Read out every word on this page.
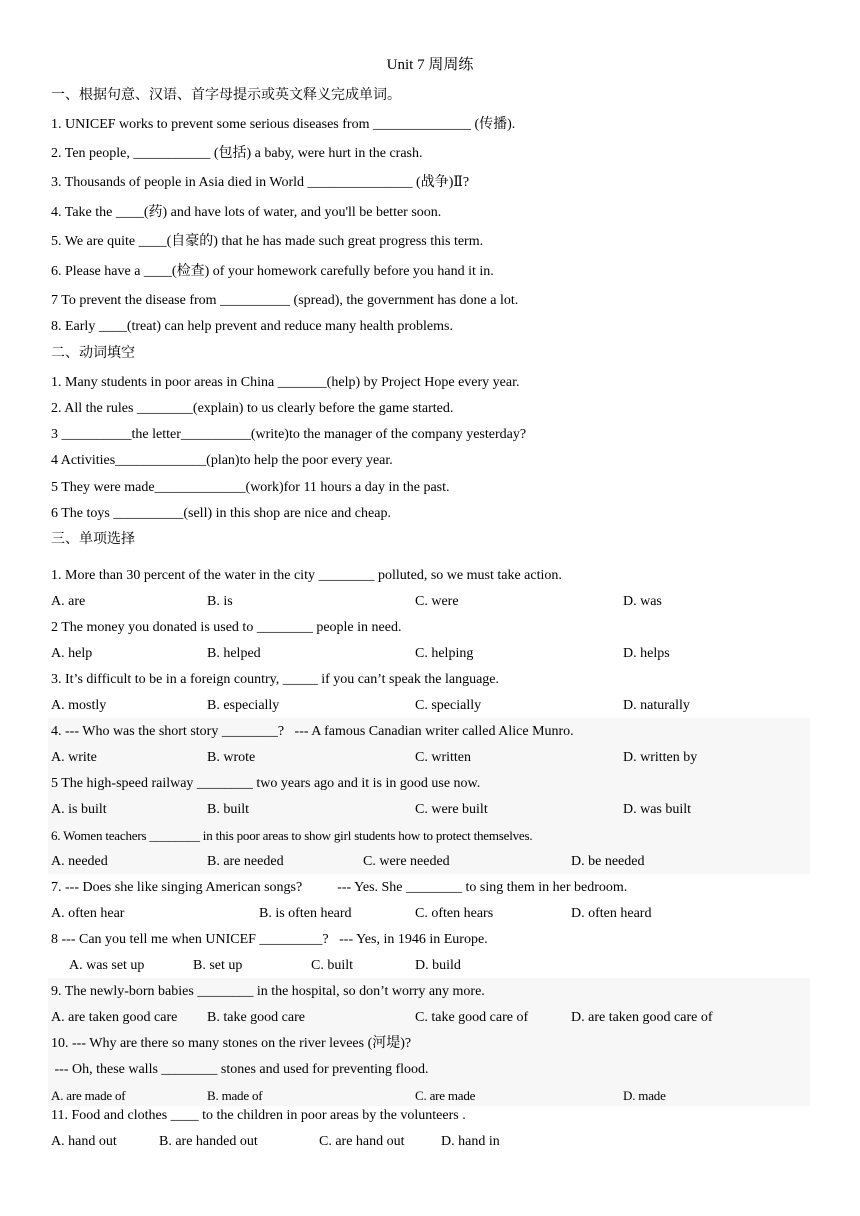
Unit 7 周周练
一、根据句意、汉语、首字母提示或英文释义完成单词。
1. UNICEF works to prevent some serious diseases from ______________ (传播).
2. Ten people, ___________ (包括) a baby, were hurt in the crash.
3. Thousands of people in Asia died in World _______________ (战争)Ⅱ?
4. Take the ____(药) and have lots of water, and you'll be better soon.
5. We are quite ____(自豪的) that he has made such great progress this term.
6. Please have a ____(检查) of your homework carefully before you hand it in.
7 To prevent the disease from __________ (spread), the government has done a lot.
8. Early ____(treat) can help prevent and reduce many health problems.
二、动词填空
1. Many students in poor areas in China _______(help) by Project Hope every year.
2. All the rules ________(explain) to us clearly before the game started.
3 __________the letter__________(write)to the manager of the company yesterday?
4 Activities_____________(plan)to help the poor every year.
5 They were made_____________(work)for 11 hours a day in the past.
6 The toys __________(sell) in this shop are nice and cheap.
三、单项选择
1. More than 30 percent of the water in the city ________ polluted, so we must take action.
A. are	B. is	C. were	D. was
2 The money you donated is used to ________ people in need.
A. help	B. helped	C. helping	D. helps
3. It’s difficult to be in a foreign country, _____ if you can’t speak the language.
A. mostly	B. especially	C. specially	D. naturally
4. --- Who was the short story ________?   --- A famous Canadian writer called Alice Munro.
A. write	B. wrote	C. written	D. written by
5 The high-speed railway ________ two years ago and it is in good use now.
A. is built	B. built	C. were built	D. was built
6. Women teachers ________ in this poor areas to show girl students how to protect themselves.
A. needed	B. are needed	C. were needed	D. be needed
7. --- Does she like singing American songs?          --- Yes. She ________ to sing them in her bedroom.
A. often hear	B. is often heard	C. often hears	D. often heard
8 --- Can you tell me when UNICEF _________?   --- Yes, in 1946 in Europe.
A. was set up	B. set up	C. built	D. build
9. The newly-born babies ________ in the hospital, so don’t worry any more.
A. are taken good care B. take good care	C. take good care of	D. are taken good care of
10. --- Why are there so many stones on the river levees (河堤)?
--- Oh, these walls ________ stones and used for preventing flood.
A. are made of	B. made of	C. are made	D. made
11. Food and clothes ____ to the children in poor areas by the volunteers .
A. hand out	B. are handed out	C. are hand out	D. hand in
